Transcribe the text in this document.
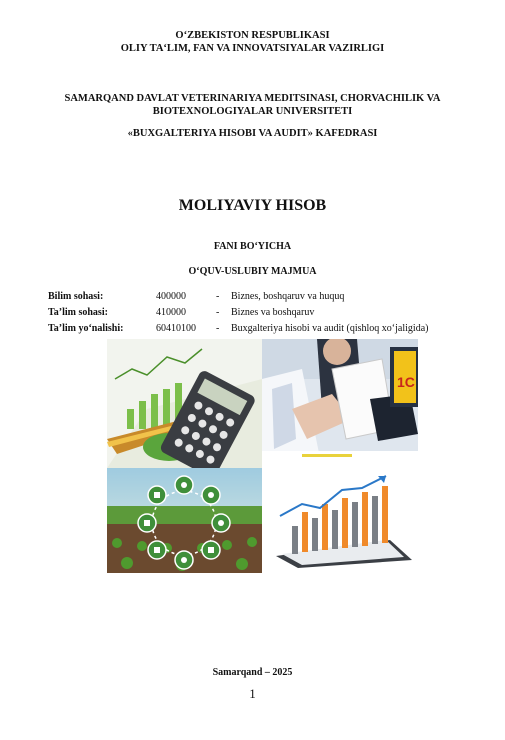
O‘ZBEKISTON RESPUBLIKASI
OLIY TA‘LIM, FAN VA INNOVATSIYALAR VAZIRLIGI
SAMARQAND DAVLAT VETERINARIYA MEDITSINASI, CHORVACHILIK VA
BIOTEXNOLOGIYALAR UNIVERSITETI
«BUXGALTERIYA HISOBI VA AUDIT» KAFEDRASI
MOLIYAVIY HISOB
FANI BO‘YICHA
O‘QUV-USLUBIY MAJMUA
Bilim sohasi:	400000	-	Biznes, boshqaruv va huquq
Ta’lim sohasi:	410000	-	Biznes va boshqaruv
Ta’lim yo‘nalishi:	60410100	-	Buxgalteriya hisobi va audit (qishloq xo‘jaligida)
1C
Samarqand – 2025
1
